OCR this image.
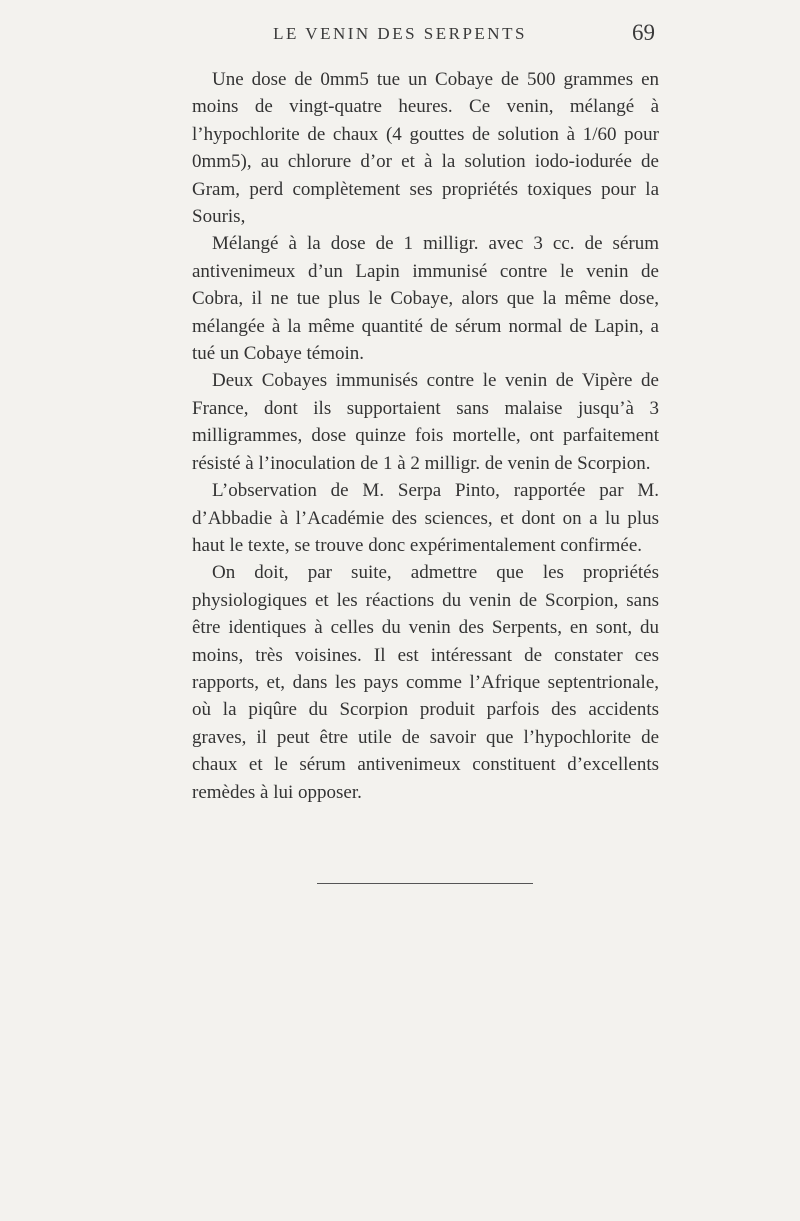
LE VENIN DES SERPENTS	69

Une dose de 0mm5 tue un Cobaye de 500 grammes en moins de vingt-quatre heures. Ce venin, mélangé à l’hypochlorite de chaux (4 gouttes de solution à 1/60 pour 0mm5), au chlorure d’or et à la solution iodo-iodurée de Gram, perd complètement ses propriétés toxiques pour la Souris,

Mélangé à la dose de 1 milligr. avec 3 cc. de sérum antivenimeux d’un Lapin immunisé contre le venin de Cobra, il ne tue plus le Cobaye, alors que la même dose, mélangée à la même quantité de sérum normal de Lapin, a tué un Cobaye témoin.

Deux Cobayes immunisés contre le venin de Vipère de France, dont ils supportaient sans malaise jusqu’à 3 milligrammes, dose quinze fois mortelle, ont parfaitement résisté à l’inoculation de 1 à 2 milligr. de venin de Scorpion.

L’observation de M. Serpa Pinto, rapportée par M. d’Abbadie à l’Académie des sciences, et dont on a lu plus haut le texte, se trouve donc expérimentalement confirmée.

On doit, par suite, admettre que les propriétés physiologiques et les réactions du venin de Scorpion, sans être identiques à celles du venin des Serpents, en sont, du moins, très voisines. Il est intéressant de constater ces rapports, et, dans les pays comme l’Afrique septentrionale, où la piqûre du Scorpion produit parfois des accidents graves, il peut être utile de savoir que l’hypochlorite de chaux et le sérum antivenimeux constituent d’excellents remèdes à lui opposer.
